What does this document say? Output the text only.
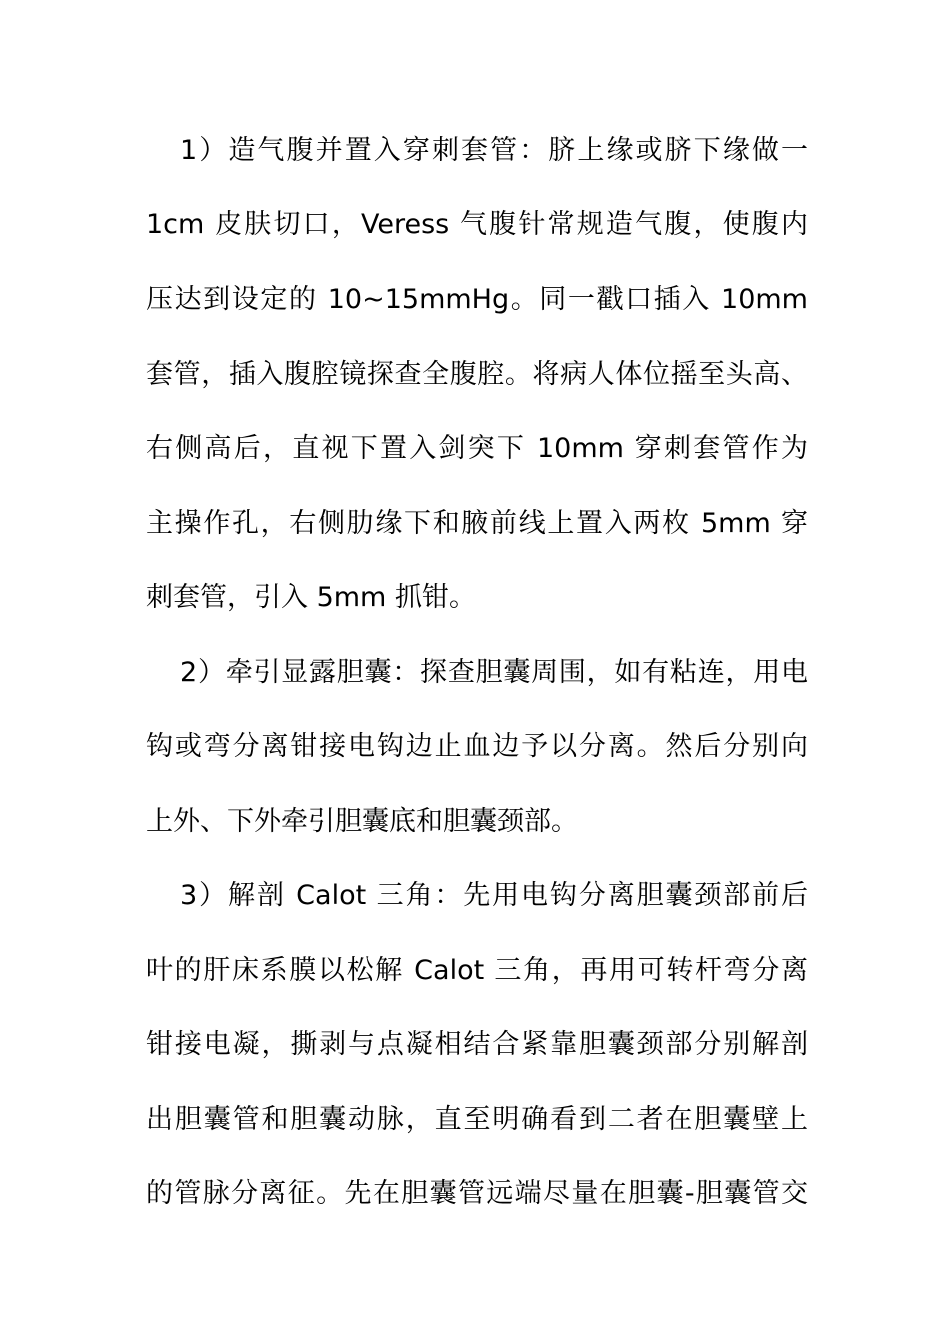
1）造气腹并置入穿刺套管：脐上缘或脐下缘做一
1cm 皮肤切口，Veress 气腹针常规造气腹，使腹内
压达到设定的 10~15mmHg。同一戳口插入 10mm
套管，插入腹腔镜探查全腹腔。将病人体位摇至头高、
右侧高后，直视下置入剑突下 10mm 穿刺套管作为
主操作孔，右侧肋缘下和腋前线上置入两枚 5mm 穿
刺套管，引入 5mm 抓钳。
2）牵引显露胆囊：探查胆囊周围，如有粘连，用电
钩或弯分离钳接电钩边止血边予以分离。然后分别向
上外、下外牵引胆囊底和胆囊颈部。
3）解剖 Calot 三角：先用电钩分离胆囊颈部前后
叶的肝床系膜以松解 Calot 三角，再用可转杆弯分离
钳接电凝，撕剥与点凝相结合紧靠胆囊颈部分别解剖
出胆囊管和胆囊动脉，直至明确看到二者在胆囊壁上
的管脉分离征。先在胆囊管远端尽量在胆囊-胆囊管交
